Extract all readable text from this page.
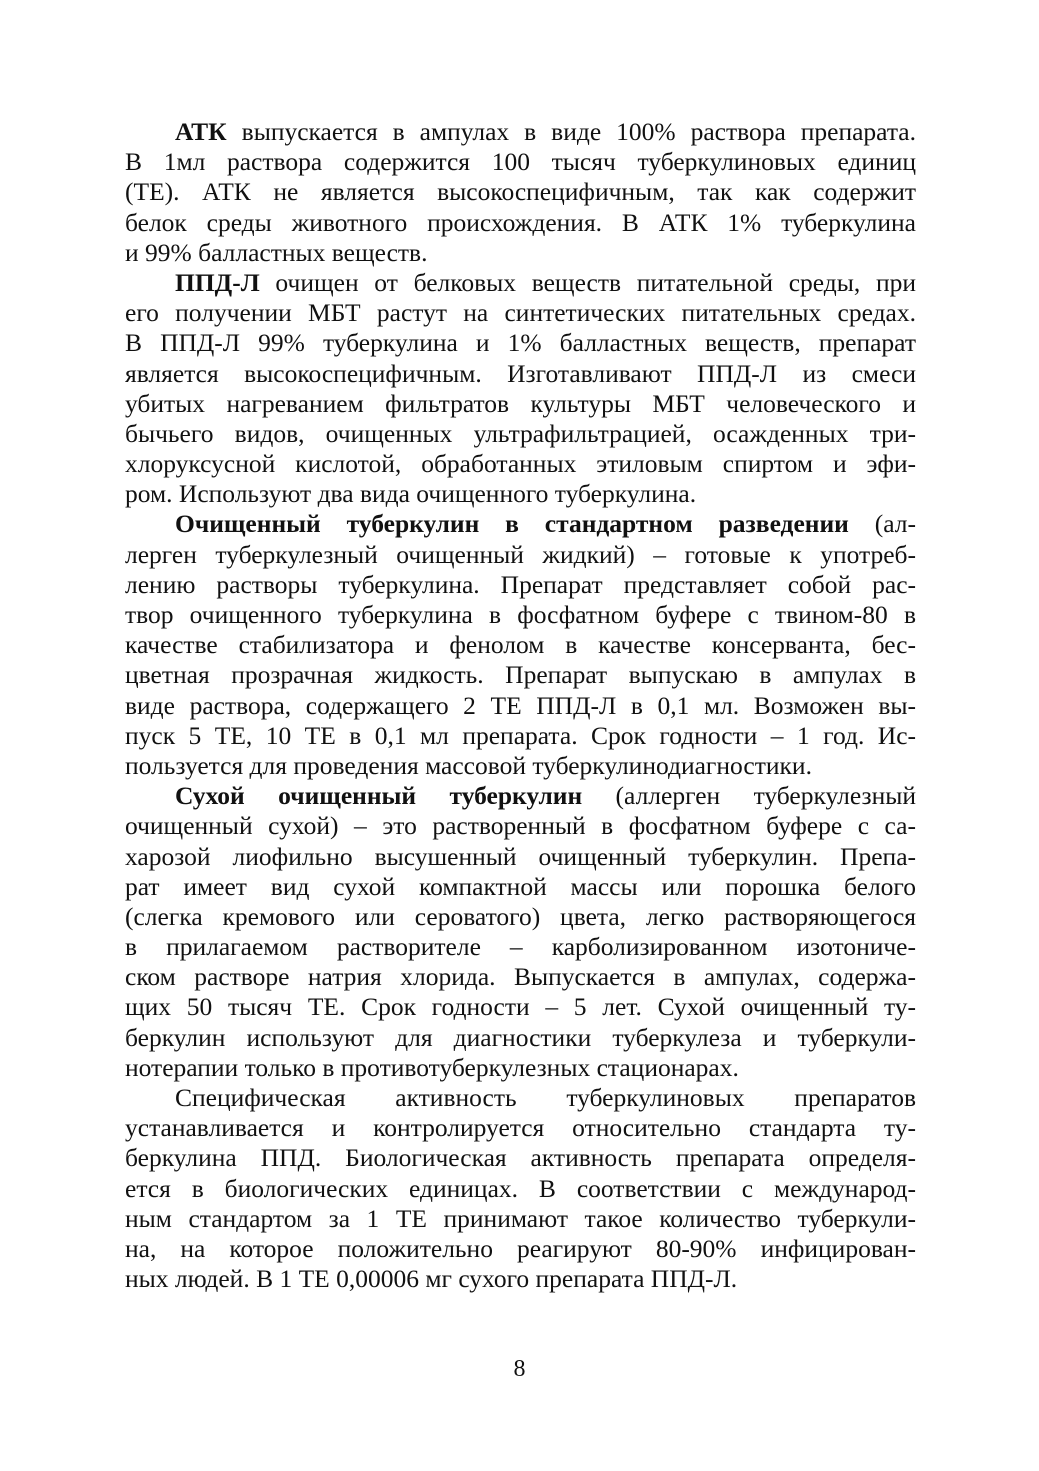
АТК выпускается в ампулах в виде 100% раствора препарата.
В 1мл раствора содержится 100 тысяч туберкулиновых единиц
(ТЕ). АТК не является высокоспецифичным, так как содержит
белок среды животного происхождения. В АТК 1% туберкулина
и 99% балластных веществ.
ППД-Л очищен от белковых веществ питательной среды, при
его получении МБТ растут на синтетических питательных средах.
В ППД-Л 99% туберкулина и 1% балластных веществ, препарат
является высокоспецифичным. Изготавливают ППД-Л из смеси
убитых нагреванием фильтратов культуры МБТ человеческого и
бычьего видов, очищенных ультрафильтрацией, осажденных три-
хлоруксусной кислотой, обработанных этиловым спиртом и эфи-
ром. Используют два вида очищенного туберкулина.
Очищенный туберкулин в стандартном разведении (ал-
лерген туберкулезный очищенный жидкий) – готовые к употреб-
лению растворы туберкулина. Препарат представляет собой рас-
твор очищенного туберкулина в фосфатном буфере с твином-80 в
качестве стабилизатора и фенолом в качестве консерванта, бес-
цветная прозрачная жидкость. Препарат выпускаю в ампулах в
виде раствора, содержащего 2 ТЕ ППД-Л в 0,1 мл. Возможен вы-
пуск 5 ТЕ, 10 ТЕ в 0,1 мл препарата. Срок годности – 1 год. Ис-
пользуется для проведения массовой туберкулинодиагностики.
Сухой очищенный туберкулин (аллерген туберкулезный
очищенный сухой) – это растворенный в фосфатном буфере с са-
харозой лиофильно высушенный очищенный туберкулин. Препа-
рат имеет вид сухой компактной массы или порошка белого
(слегка кремового или сероватого) цвета, легко растворяющегося
в прилагаемом растворителе – карболизированном изотониче-
ском растворе натрия хлорида. Выпускается в ампулах, содержа-
щих 50 тысяч ТЕ. Срок годности – 5 лет. Сухой очищенный ту-
беркулин используют для диагностики туберкулеза и туберкули-
нотерапии только в противотуберкулезных стационарах.
Специфическая активность туберкулиновых препаратов
устанавливается и контролируется относительно стандарта ту-
беркулина ППД. Биологическая активность препарата определя-
ется в биологических единицах. В соответствии с международ-
ным стандартом за 1 ТЕ принимают такое количество туберкули-
на, на которое положительно реагируют 80-90% инфицирован-
ных людей. В 1 ТЕ 0,00006 мг сухого препарата ППД-Л.
8
